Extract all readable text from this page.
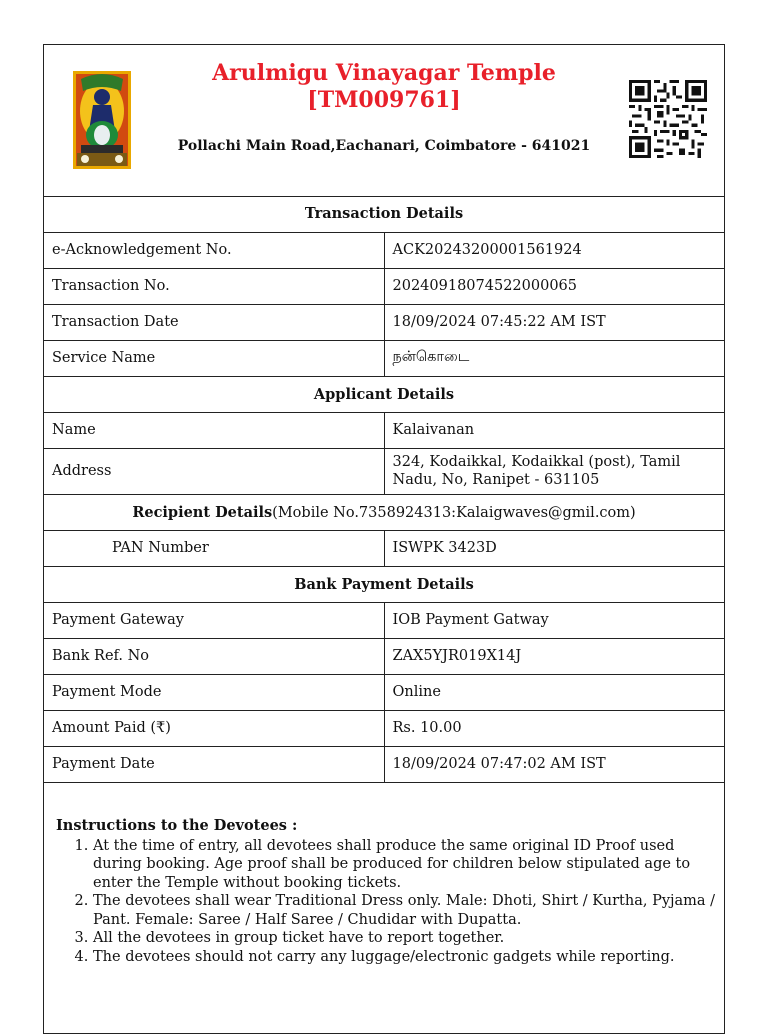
Arulmigu Vinayagar Temple
[TM009761]
Pollachi Main Road,Eachanari, Coimbatore - 641021
Transaction Details	
e-Acknowledgement No.	ACK20243200001561924
Transaction No.	20240918074522000065
Transaction Date	18/09/2024 07:45:22 AM IST
Service Name	நன்கொடை
Applicant Details	
Name	Kalaivanan
Address	324, Kodaikkal, Kodaikkal (post), Tamil Nadu, No, Ranipet - 631105
Recipient Details(Mobile No.7358924313:Kalaigwaves@gmil.com)	
PAN Number	ISWPK 3423D
Bank Payment Details	
Payment Gateway	IOB Payment Gatway
Bank Ref. No	ZAX5YJR019X14J
Payment Mode	Online
Amount Paid (₹)	Rs. 10.00
Payment Date	18/09/2024 07:47:02 AM IST
Instructions to the Devotees :
1. At the time of entry, all devotees shall produce the same original ID Proof used during booking. Age proof shall be produced for children below stipulated age to enter the Temple without booking tickets.
2. The devotees shall wear Traditional Dress only. Male: Dhoti, Shirt / Kurtha, Pyjama / Pant. Female: Saree / Half Saree / Chudidar with Dupatta.
3. All the devotees in group ticket have to report together.
4. The devotees should not carry any luggage/electronic gadgets while reporting.
